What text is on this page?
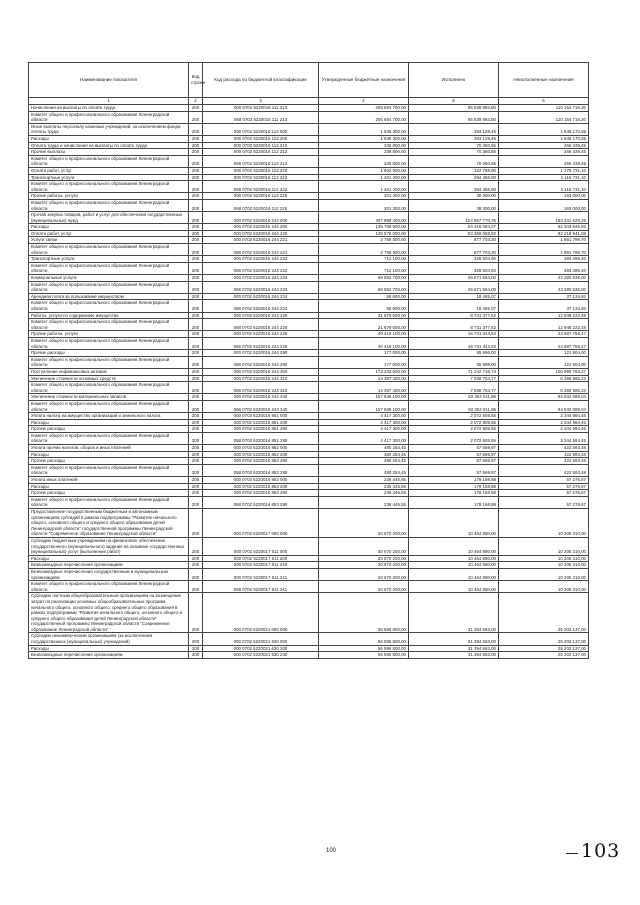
Наименование показателя	Код строки	Код расхода по бюджетной классификации	Утвержденные бюджетные назначения	Исполнено	Неисполненные назначения
1	2	3	4	5	6
Начисления на выплаты по оплате труда	200	000 0702 5220016 111 213	205 694 700,00	95 539 983,80	110 154 716,20
Комитет общего и профессионального образования Ленинградской области	200	068 0702 5220016 111 213	205 694 700,00	95 539 983,80	110 154 716,20
Иные выплаты персоналу казенных учреждений, за исключением фонда оплаты труда	200	000 0702 5220016 112 000	1 939 300,00	393 129,45	1 546 170,55
Расходы	200	000 0702 5220016 112 200	1 939 300,00	393 129,45	1 546 170,55
Оплата труда и начисления на выплаты по оплате труда	200	000 0702 5220016 112 210	336 800,00	70 360,55	266 439,45
Прочие выплаты	200	000 0702 5220016 112 212	336 800,00	70 360,55	266 439,45
Комитет общего и профессионального образования Ленинградской области	200	068 0702 5220016 112 212	336 800,00	70 360,55	266 439,45
Оплата работ, услуг	200	000 0702 5220016 112 220	1 602 500,00	322 768,90	1 279 731,10
Транспортные услуги	200	000 0702 5220016 112 222	1 401 200,00	284 468,90	1 116 731,10
Комитет общего и профессионального образования Ленинградской области	200	068 0702 5220016 112 222	1 401 200,00	284 468,90	1 116 731,10
Прочие работы, услуги	200	000 0702 5220016 112 226	201 300,00	38 300,00	163 000,00
Комитет общего и профессионального образования Ленинградской области	200	068 0702 5220016 112 226	201 300,00	38 300,00	163 000,00
Прочая закупка товаров, работ и услуг для обеспечения государственных (муниципальных) нужд	200	000 0702 5220016 244 000	307 989 400,00	124 657 770,75	183 331 629,25
Расходы	200	000 0702 5220016 244 200	135 758 900,00	53 415 054,07	82 343 845,93
Оплата работ, услуг	200	000 0702 5220016 244 220	135 578 000,00	53 359 058,92	82 218 941,08
Услуги связи	200	000 0702 5220016 244 221	2 759 500,00	877 703,30	1 881 796,70
Комитет общего и профессионального образования Ленинградской области	200	068 0702 5220016 244 221	2 759 500,00	877 703,30	1 881 796,70
Транспортные услуги	200	000 0702 5220016 244 222	712 100,00	328 604,60	383 495,40
Комитет общего и профессионального образования Ленинградской области	200	068 0702 5220016 244 222	712 100,00	328 604,60	383 495,40
Коммунальные услуги	200	000 0702 5220016 244 223	69 952 700,00	26 671 564,00	43 280 536,00
Комитет общего и профессионального образования Ленинградской области	200	068 0702 5220016 244 223	69 952 700,00	26 671 564,00	43 280 536,00
Арендная плата за пользование имуществом	200	000 0702 5220016 244 224	55 600,00	18 465,07	37 134,93
Комитет общего и профессионального образования Ленинградской области	200	068 0702 5220016 244 224	55 600,00	18 465,07	37 134,93
Работы, услуги по содержанию имущества	200	000 0702 5220016 244 225	21 679 600,00	8 731 377,52	12 948 222,48
Комитет общего и профессионального образования Ленинградской области	200	068 0702 5220016 244 225	21 679 600,00	8 731 377,52	12 948 222,48
Прочие работы, услуги	200	000 0702 5220016 244 226	40 419 100,00	16 731 343,53	23 687 756,47
Комитет общего и профессионального образования Ленинградской области	200	068 0702 5220016 244 226	40 419 100,00	16 731 343,53	23 687 756,47
Прочие расходы	200	000 0702 5220016 244 290	177 000,00	55 996,00	121 904,00
Комитет общего и профессионального образования Ленинградской области	200	068 0702 5220016 244 290	177 000,00	55 996,00	121 904,00
Поступление нефинансовых активов	200	000 0702 5220016 244 300	172 233 500,00	71 242 716,73	100 990 783,27
Увеличение стоимости основных средств	200	000 0702 5220016 244 310	14 397 400,00	7 938 704,77	6 458 695,23
Комитет общего и профессионального образования Ленинградской области	200	068 0702 5220016 244 310	14 397 400,00	7 938 704,77	6 458 695,23
Увеличение стоимости материальных запасов	200	000 0702 5220016 244 340	157 836 100,00	63 304 011,96	94 532 088,04
Комитет общего и профессионального образования Ленинградской области	200	068 0702 5220016 244 340	157 836 100,00	63 304 011,96	94 532 088,04
Уплата налога на имущество организаций и земельного налога	200	000 0702 5220016 851 000	4 417 300,00	2 072 605,55	2 344 694,45
Расходы	200	000 0702 5220016 851 200	4 417 300,00	2 072 605,55	2 344 694,45
Прочие расходы	200	000 0702 5220016 851 290	4 417 300,00	2 072 605,55	2 344 694,45
Комитет общего и профессионального образования Ленинградской области	200	068 0702 5220016 851 290	4 417 300,00	2 072 605,55	2 344 694,45
Уплата прочих налогов, сборов и иных платежей	200	000 0702 5220016 852 000	480 254,45	57 669,97	422 593,48
Расходы	200	000 0702 5220016 852 200	480 254,45	57 669,97	422 593,48
Прочие расходы	200	000 0702 5220016 852 290	480 254,45	57 669,97	422 593,48
Комитет общего и профессионального образования Ленинградской области	200	068 0702 5220016 852 290	480 254,45	57 669,97	422 593,48
Уплата иных платежей	200	000 0702 5220016 853 000	236 445,55	179 168,88	57 276,67
Расходы	200	000 0702 5220016 853 200	236 445,55	179 168,88	57 276,67
Прочие расходы	200	000 0702 5220016 853 290	236 445,55	179 168,88	57 276,67
Комитет общего и профессионального образования Ленинградской области	200	068 0702 5220016 853 290	236 445,55	179 168,88	57 276,67
Предоставление государственным бюджетным и автономным организациям субсидий в рамках подпрограммы "Развитие начального общего, основного общего и среднего общего образования детей Ленинградской области" государственной программы Ленинградской области "Современное образование Ленинградской области"	200	000 0702 5220017 000 000	20 670 200,00	10 464 890,00	10 205 310,00
Субсидии бюджетным учреждениям на финансовое обеспечение государственного (муниципального) задания на оказание государственных (муниципальных) услуг (выполнение работ)	200	000 0702 5220017 611 000	20 670 200,00	10 464 890,00	10 205 310,00
Расходы	200	000 0702 5220017 611 200	20 670 200,00	10 464 890,00	10 205 310,00
Безвозмездные перечисления организациям	200	000 0702 5220017 611 240	20 670 200,00	10 464 890,00	10 205 310,00
Безвозмездные перечисления государственным и муниципальным организациям	200	000 0702 5220017 611 241	20 670 200,00	10 464 890,00	10 205 310,00
Комитет общего и профессионального образования Ленинградской области	200	068 0702 5220017 611 241	20 670 200,00	10 464 890,00	10 205 310,00
Субсидии частным общеобразовательным организациям на возмещение затрат по реализации основных общеобразовательных программ начального общего, основного общего, среднего общего образования в рамках подпрограммы "Развитие начального общего, основного общего и среднего общего образования детей Ленинградской области" государственной программы Ленинградской области "Современное образование Ленинградской области"	200	000 0702 5220021 000 000	56 596 800,00	31 394 663,00	25 202 137,00
Субсидии некоммерческим организациям (за исключением государственных (муниципальных) учреждений)	200	000 0702 5220021 630 000	56 596 800,00	31 394 663,00	25 202 137,00
Расходы	200	000 0702 5220021 630 200	56 596 800,00	31 394 663,00	25 202 137,00
Безвозмездные перечисления организациям	200	000 0702 5220021 630 240	56 596 800,00	31 394 663,00	25 202 137,00
100	103
